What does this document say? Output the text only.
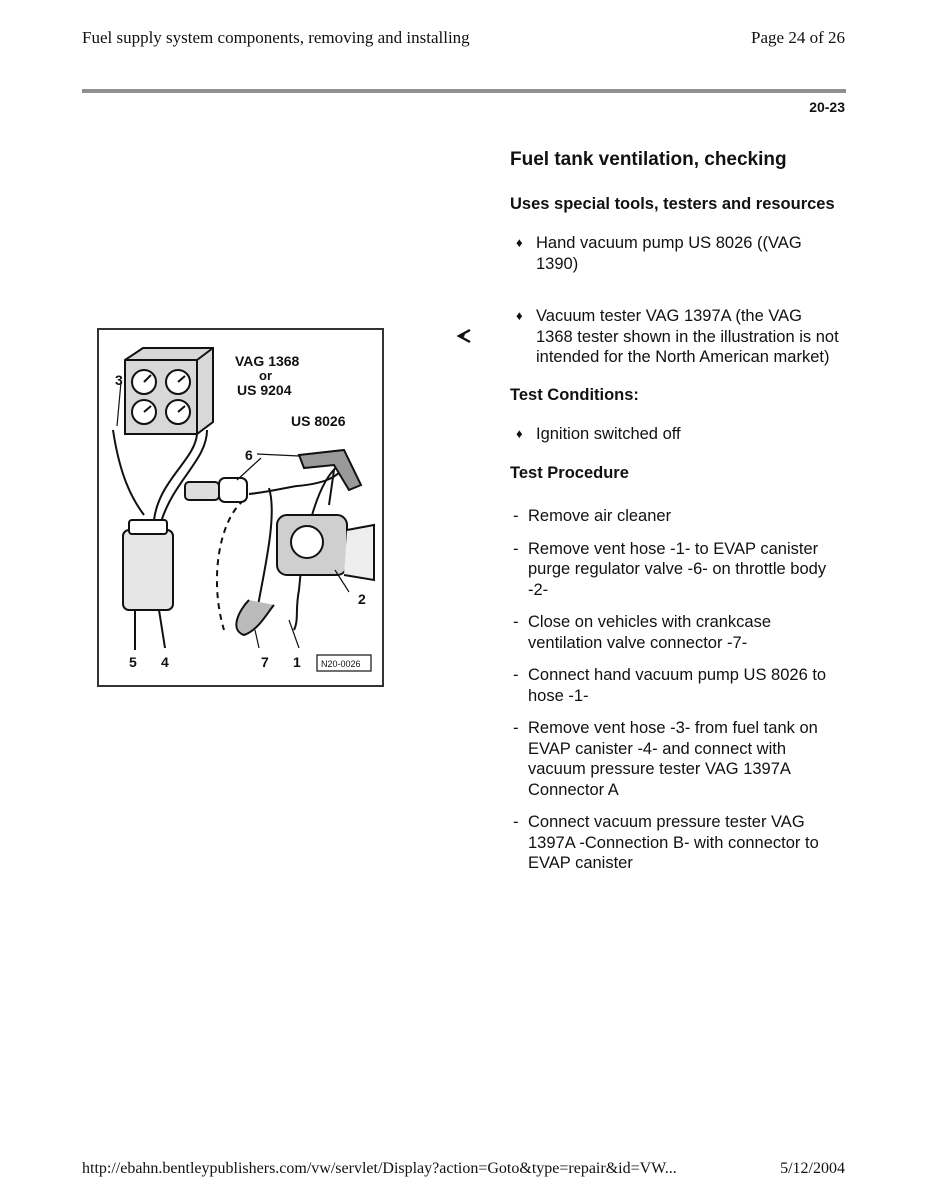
Fuel supply system components, removing and installing	Page 24 of 26
20-23
Fuel tank ventilation, checking
Uses special tools, testers and resources
♦ Hand vacuum pump US 8026 ((VAG 1390)
♦ Vacuum tester VAG 1397A (the VAG 1368 tester shown in the illustration is not intended for the North American market)
Test Conditions:
♦ Ignition switched off
Test Procedure
- Remove air cleaner
- Remove vent hose -1- to EVAP canister purge regulator valve -6- on throttle body -2-
- Close on vehicles with crankcase ventilation valve connector -7-
- Connect hand vacuum pump US 8026 to hose -1-
- Remove vent hose -3- from fuel tank on EVAP canister -4- and connect with vacuum pressure tester VAG 1397A Connector A
- Connect vacuum pressure tester VAG 1397A -Connection B- with connector to EVAP canister
VAG 1368
or
US 9204
US 8026
3
6
2
5 4	7 1 N20-0026
http://ebahn.bentleypublishers.com/vw/servlet/Display?action=Goto&type=repair&id=VW...	5/12/2004
